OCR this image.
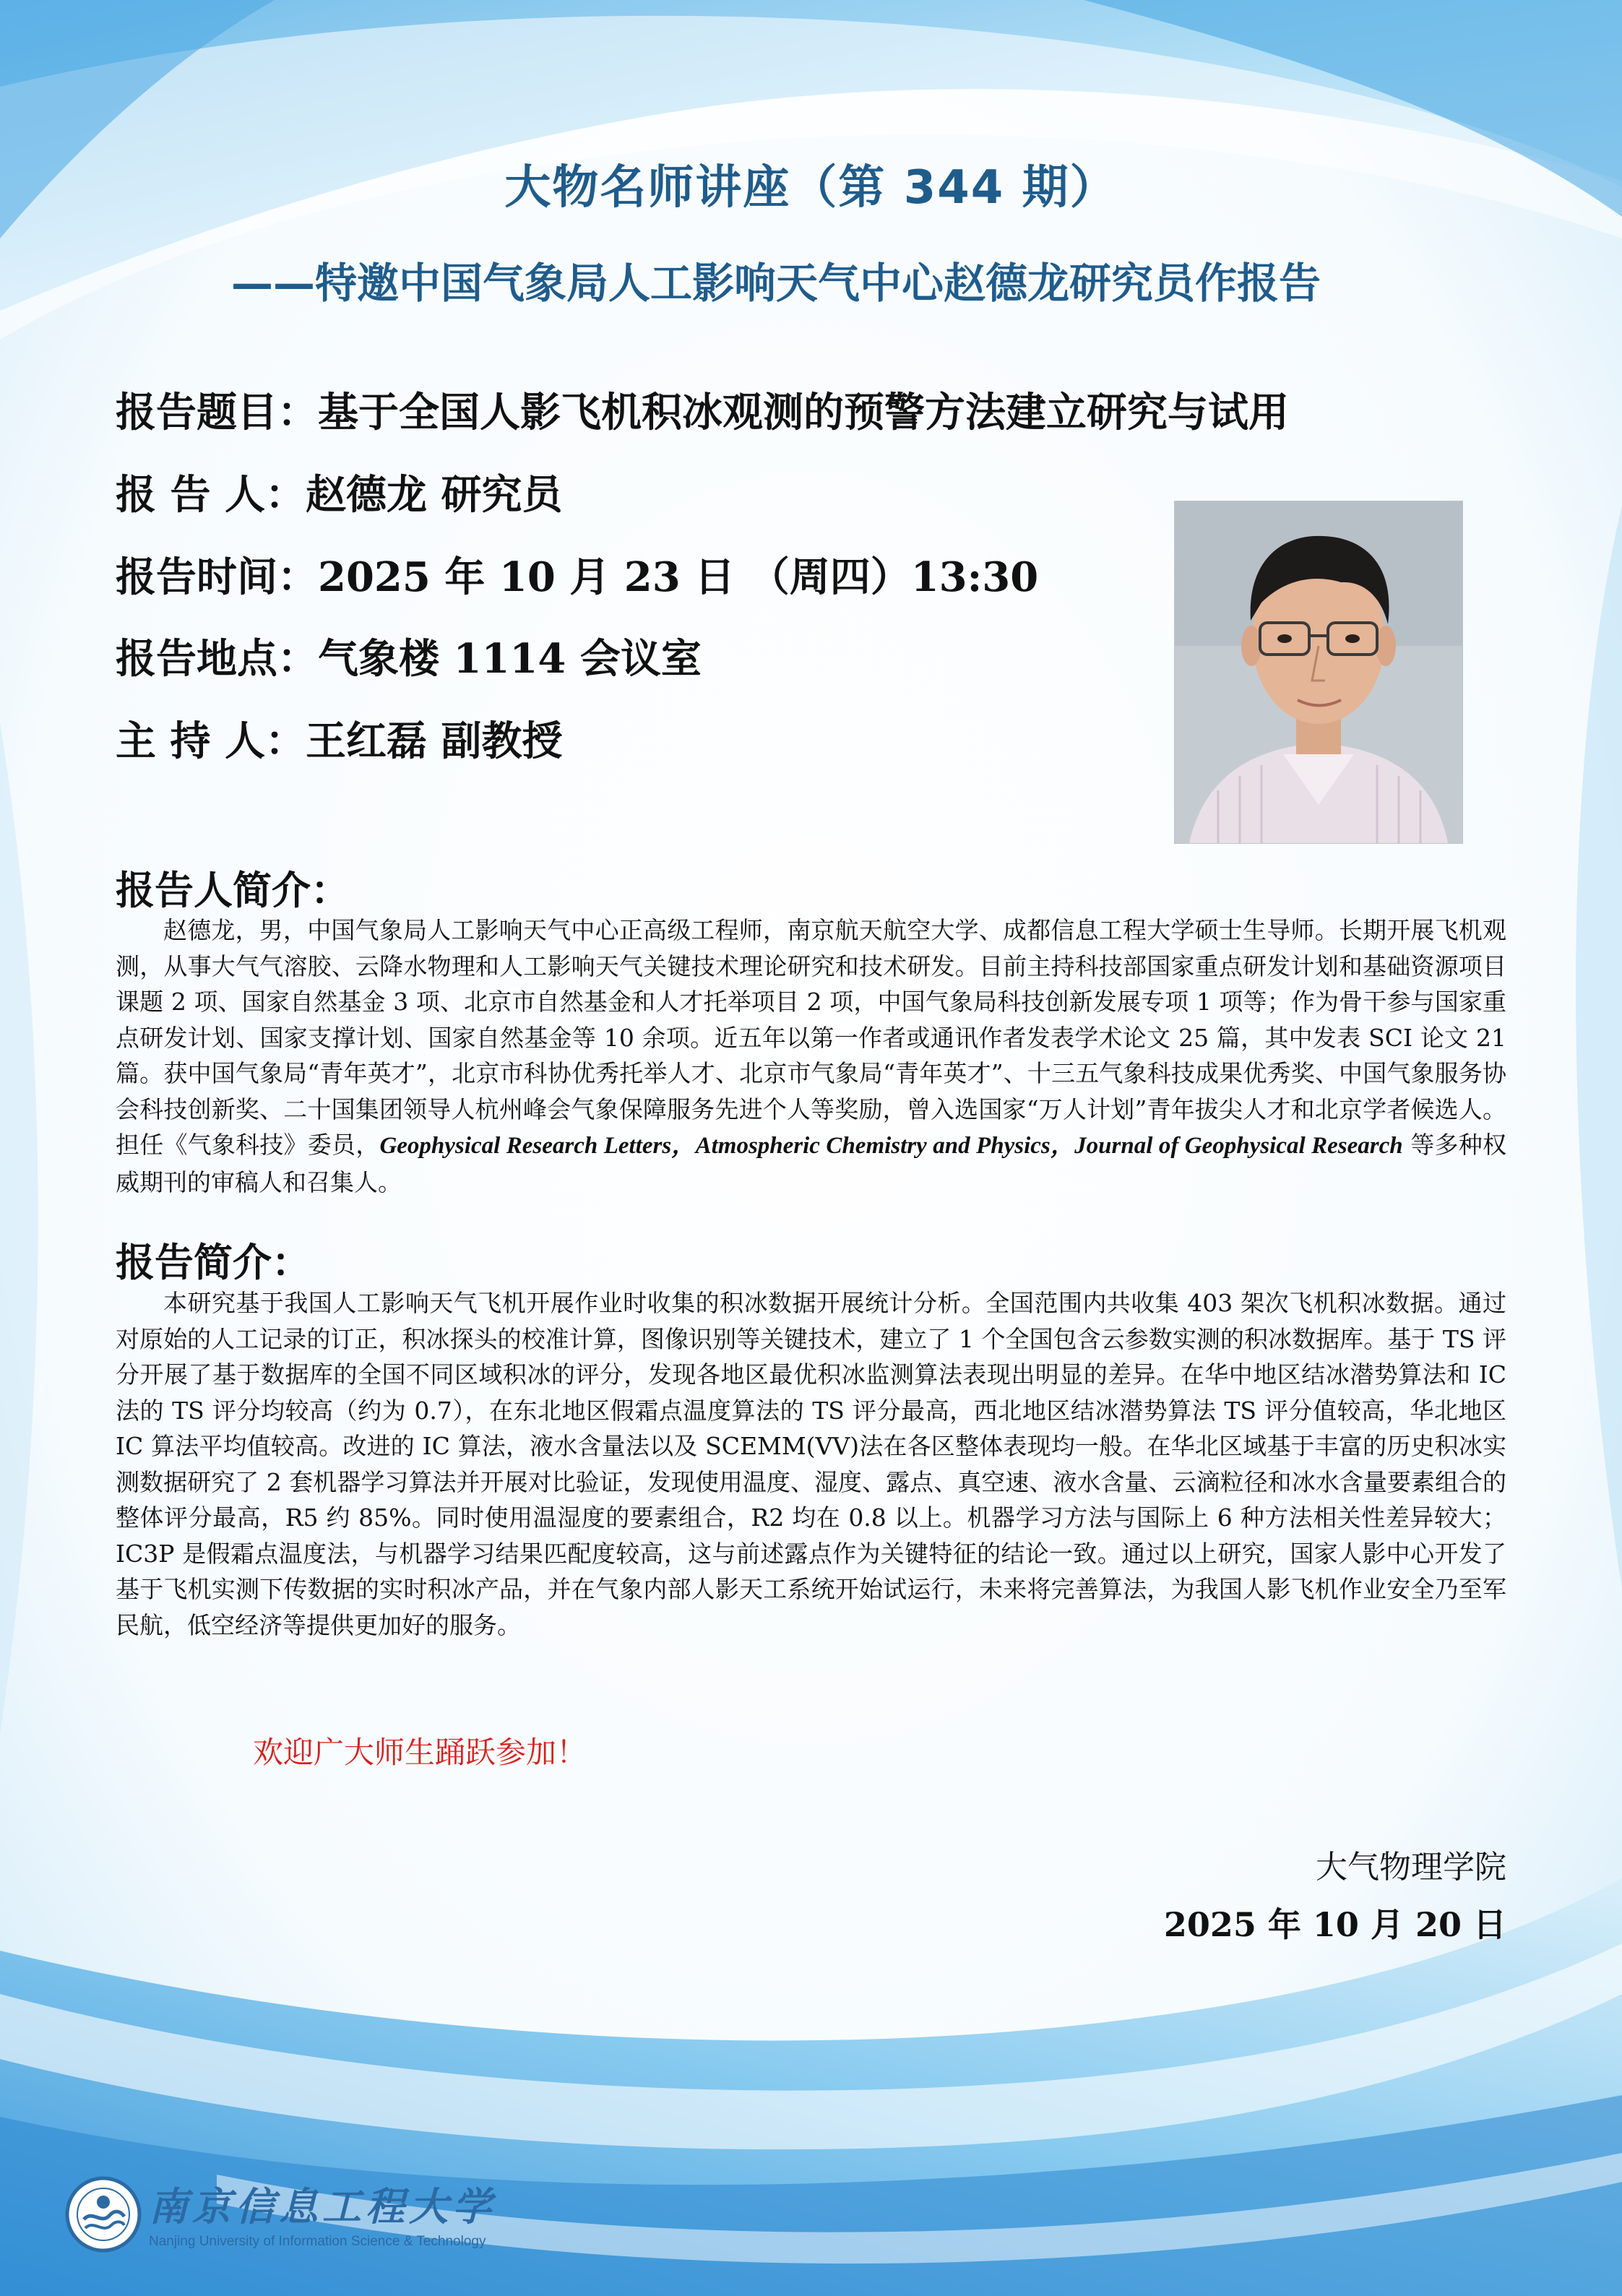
大物名师讲座（第 344 期）
——特邀中国气象局人工影响天气中心赵德龙研究员作报告
报告题目：基于全国人影飞机积冰观测的预警方法建立研究与试用
报 告 人：赵德龙 研究员
报告时间：2025 年 10 月 23 日 （周四）13:30
报告地点：气象楼 1114 会议室
主 持 人：王红磊 副教授
报告人简介：
赵德龙，男，中国气象局人工影响天气中心正高级工程师，南京航天航空大学、成都信息工程大学硕士生导师。长期开展飞机观测，从事大气气溶胶、云降水物理和人工影响天气关键技术理论研究和技术研发。目前主持科技部国家重点研发计划和基础资源项目课题 2 项、国家自然基金 3 项、北京市自然基金和人才托举项目 2 项，中国气象局科技创新发展专项 1 项等；作为骨干参与国家重点研发计划、国家支撑计划、国家自然基金等 10 余项。近五年以第一作者或通讯作者发表学术论文 25 篇，其中发表 SCI 论文 21 篇。获中国气象局“青年英才”，北京市科协优秀托举人才、北京市气象局“青年英才”、十三五气象科技成果优秀奖、中国气象服务协会科技创新奖、二十国集团领导人杭州峰会气象保障服务先进个人等奖励，曾入选国家“万人计划”青年拔尖人才和北京学者候选人。担任《气象科技》委员，Geophysical Research Letters，Atmospheric Chemistry and Physics，Journal of Geophysical Research 等多种权威期刊的审稿人和召集人。
报告简介：
本研究基于我国人工影响天气飞机开展作业时收集的积冰数据开展统计分析。全国范围内共收集 403 架次飞机积冰数据。通过对原始的人工记录的订正，积冰探头的校准计算，图像识别等关键技术，建立了 1 个全国包含云参数实测的积冰数据库。基于 TS 评分开展了基于数据库的全国不同区域积冰的评分，发现各地区最优积冰监测算法表现出明显的差异。在华中地区结冰潜势算法和 IC 法的 TS 评分均较高（约为 0.7），在东北地区假霜点温度算法的 TS 评分最高，西北地区结冰潜势算法 TS 评分值较高，华北地区 IC 算法平均值较高。改进的 IC 算法，液水含量法以及 SCEMM(VV)法在各区整体表现均一般。在华北区域基于丰富的历史积冰实测数据研究了 2 套机器学习算法并开展对比验证，发现使用温度、湿度、露点、真空速、液水含量、云滴粒径和冰水含量要素组合的整体评分最高，R5 约 85%。同时使用温湿度的要素组合，R2 均在 0.8 以上。机器学习方法与国际上 6 种方法相关性差异较大；IC3P 是假霜点温度法，与机器学习结果匹配度较高，这与前述露点作为关键特征的结论一致。通过以上研究，国家人影中心开发了基于飞机实测下传数据的实时积冰产品，并在气象内部人影天工系统开始试运行，未来将完善算法，为我国人影飞机作业安全乃至军民航，低空经济等提供更加好的服务。
欢迎广大师生踊跃参加！
大气物理学院
2025 年 10 月 20 日
南京信息工程大学
Nanjing University of Information Science & Technology
